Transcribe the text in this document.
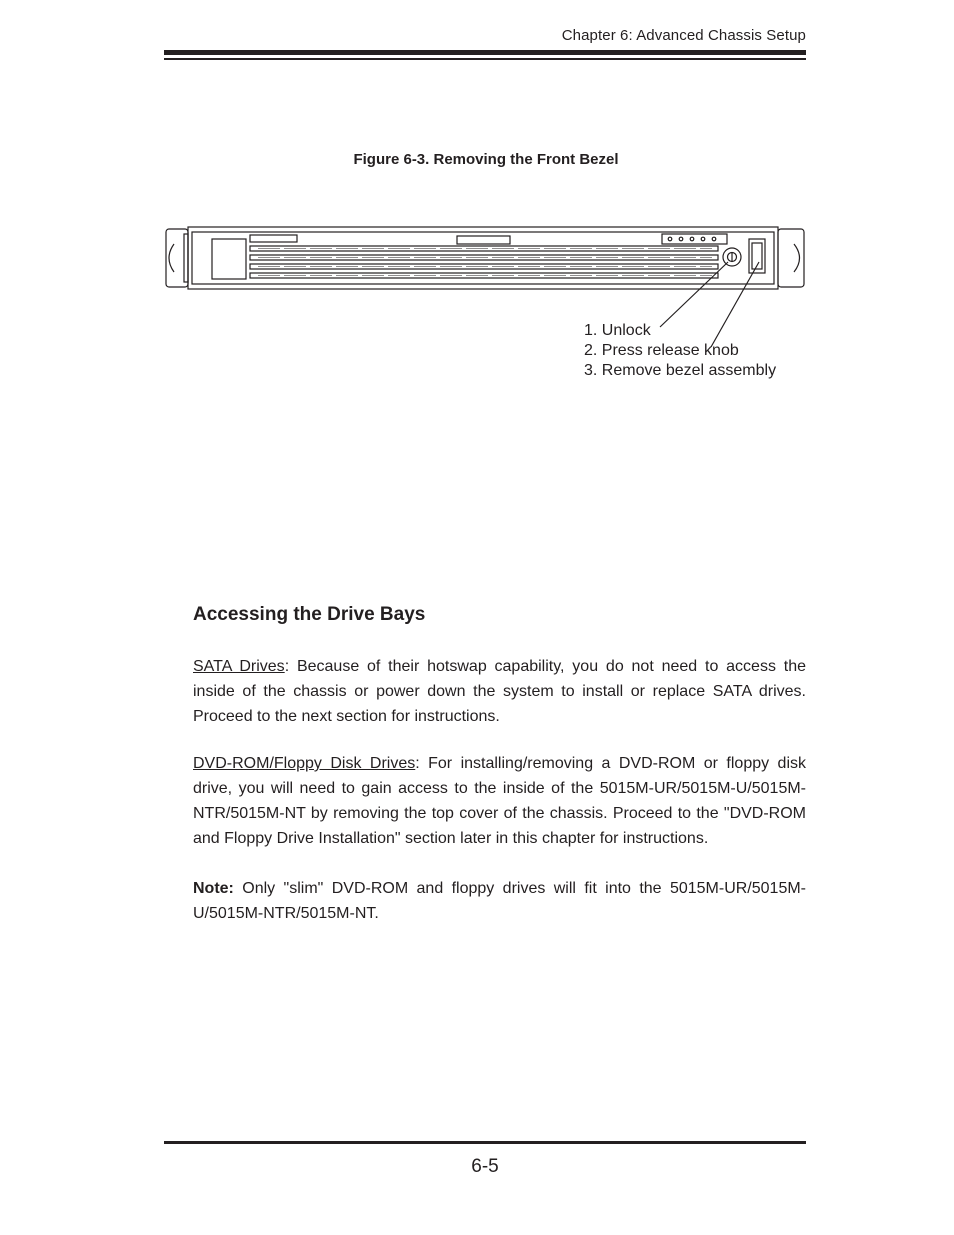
Chapter 6: Advanced Chassis Setup
Figure 6-3. Removing the Front Bezel
1. Unlock
2. Press release knob
3. Remove bezel assembly
Accessing the Drive Bays

SATA Drives: Because of their hotswap capability, you do not need to access the inside of the chassis or power down the system to install or replace SATA drives. Proceed to the next section for instructions.

DVD-ROM/Floppy Disk Drives: For installing/removing a DVD-ROM or floppy disk drive, you will need to gain access to the inside of the 5015M-UR/5015M-U/5015M-NTR/5015M-NT by removing the top cover of the chassis. Proceed to the "DVD-ROM and Floppy Drive Installation" section later in this chapter for instructions.

Note: Only "slim" DVD-ROM and floppy drives will fit into the 5015M-UR/5015M-U/5015M-NTR/5015M-NT.

6-5
